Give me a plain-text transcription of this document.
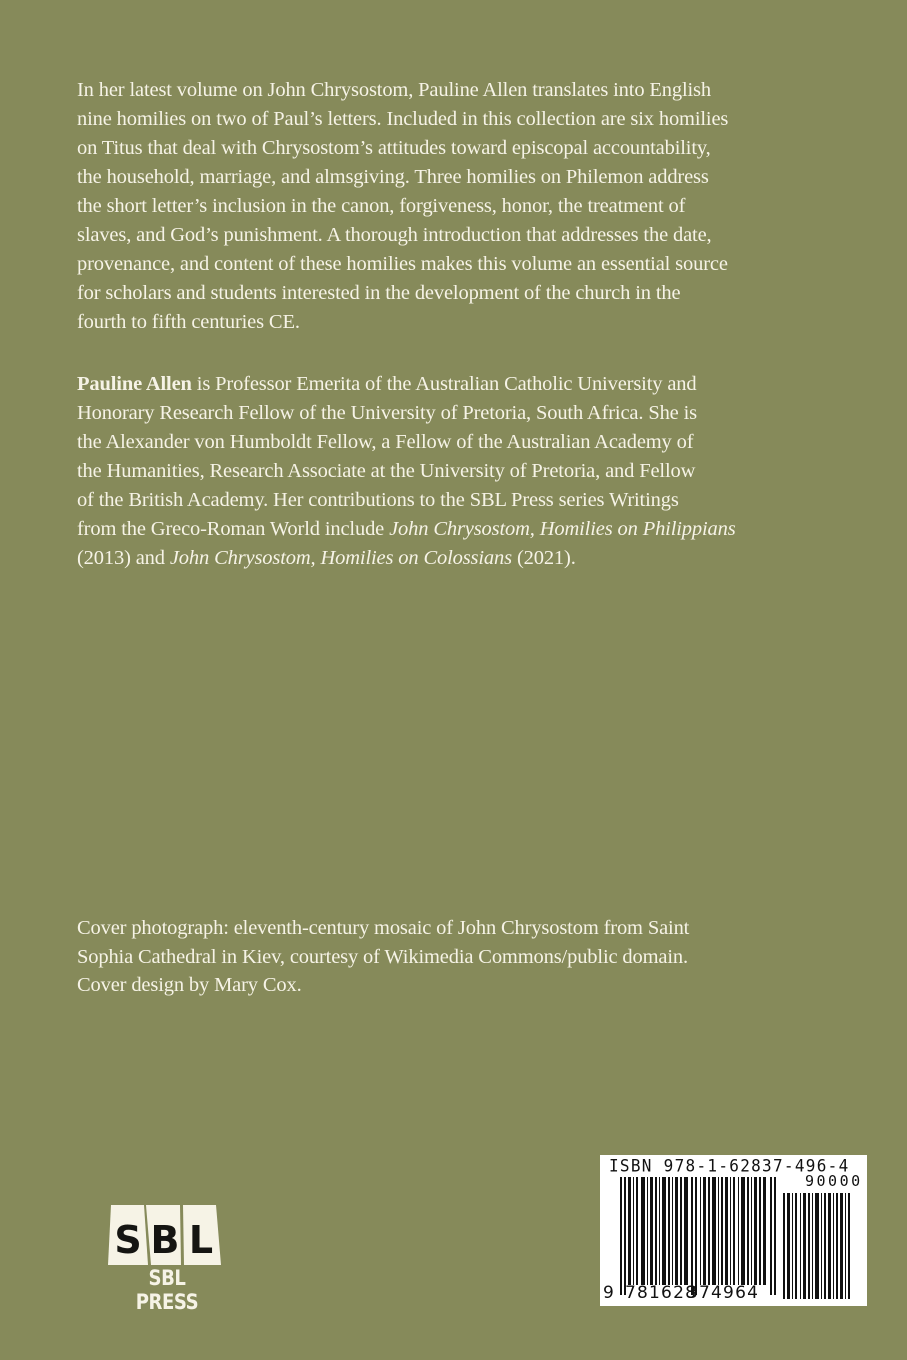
In her latest volume on John Chrysostom, Pauline Allen translates into English
nine homilies on two of Paul’s letters. Included in this collection are six homilies
on Titus that deal with Chrysostom’s attitudes toward episcopal accountability,
the household, marriage, and almsgiving. Three homilies on Philemon address
the short letter’s inclusion in the canon, forgiveness, honor, the treatment of
slaves, and God’s punishment. A thorough introduction that addresses the date,
provenance, and content of these homilies makes this volume an essential source
for scholars and students interested in the development of the church in the
fourth to fifth centuries CE.
Pauline Allen is Professor Emerita of the Australian Catholic University and
Honorary Research Fellow of the University of Pretoria, South Africa. She is
the Alexander von Humboldt Fellow, a Fellow of the Australian Academy of
the Humanities, Research Associate at the University of Pretoria, and Fellow
of the British Academy. Her contributions to the SBL Press series Writings
from the Greco-Roman World include John Chrysostom, Homilies on Philippians
(2013) and John Chrysostom, Homilies on Colossians (2021).
Cover photograph: eleventh-century mosaic of John Chrysostom from Saint
Sophia Cathedral in Kiev, courtesy of Wikimedia Commons/public domain.
Cover design by Mary Cox.
S B L
SBL PRESS
ISBN 978-1-62837-496-4
90000
9 781628
374964
